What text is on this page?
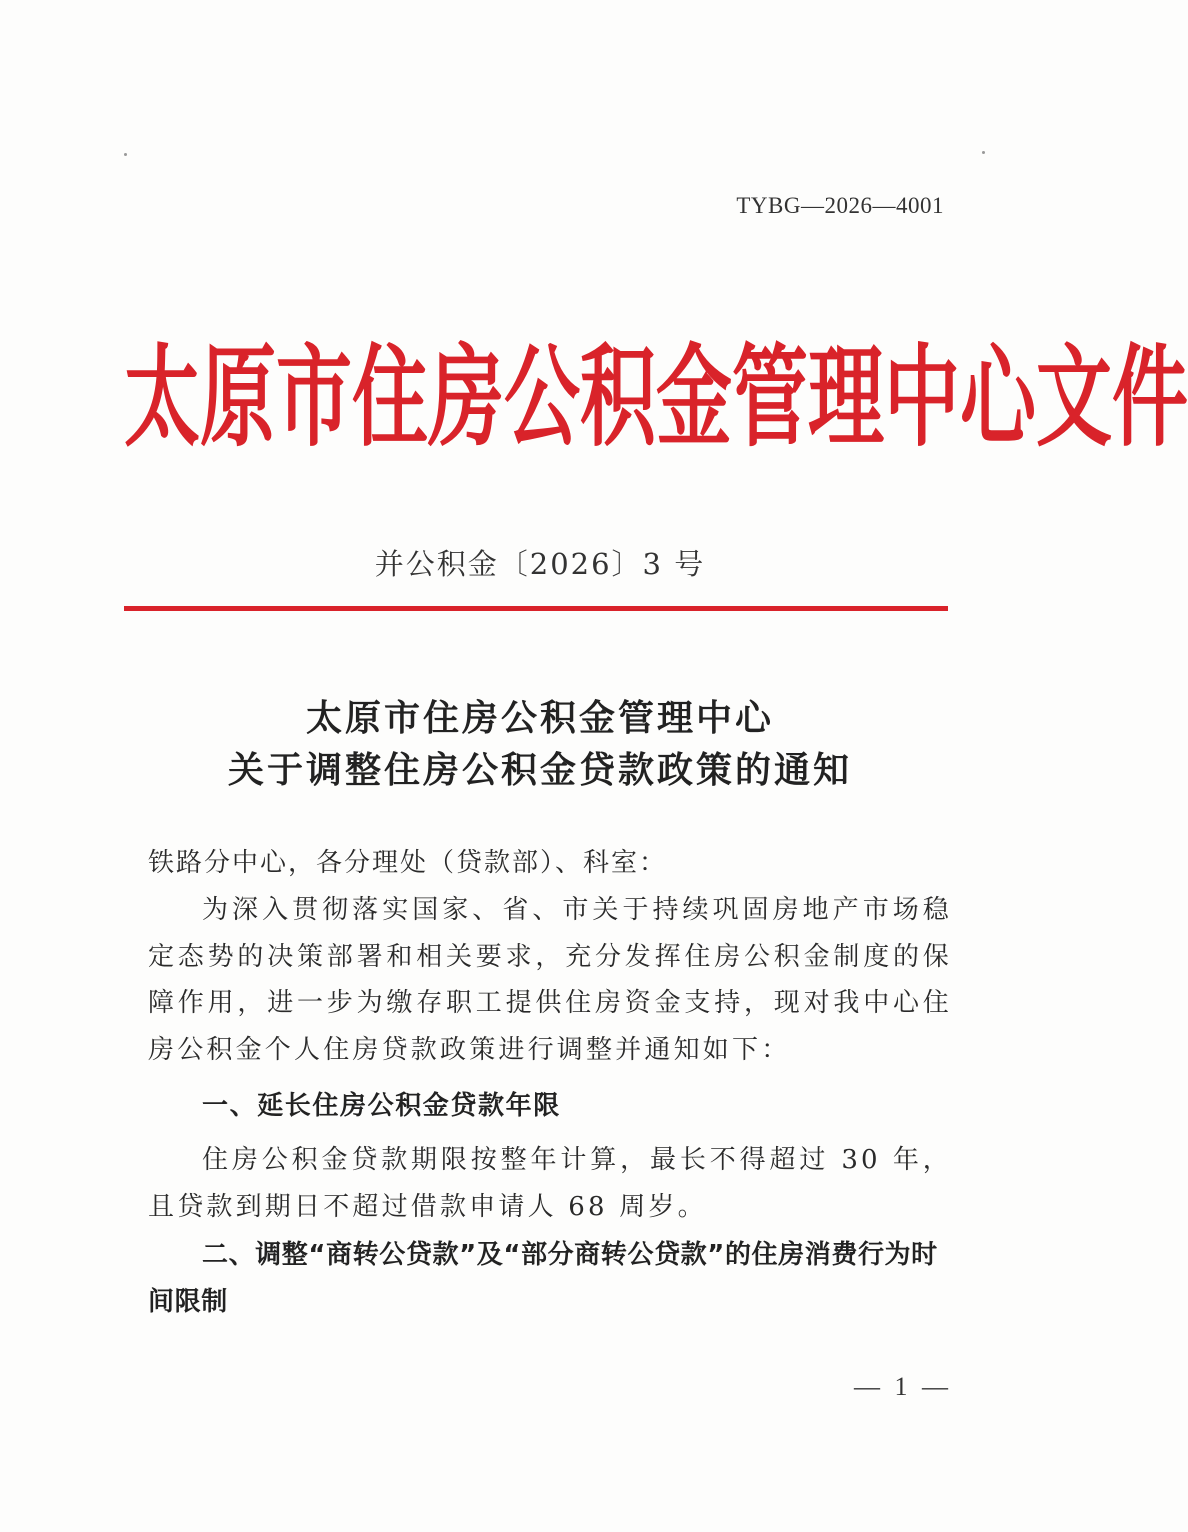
TYBG—2026—4001
太 原 市 住 房 公 积 金 管 理 中 心 文 件
并公积金〔2026〕3 号
太原市住房公积金管理中心
关于调整住房公积金贷款政策的通知
铁路分中心，各分理处（贷款部）、科室：
为深入贯彻落实国家、省、市关于持续巩固房地产市场稳定态势的决策部署和相关要求，充分发挥住房公积金制度的保障作用，进一步为缴存职工提供住房资金支持，现对我中心住房公积金个人住房贷款政策进行调整并通知如下：
一、延长住房公积金贷款年限
住房公积金贷款期限按整年计算，最长不得超过 30 年，且贷款到期日不超过借款申请人 68 周岁。
二、调整“商转公贷款”及“部分商转公贷款”的住房消费行为时间限制
— 1 —
